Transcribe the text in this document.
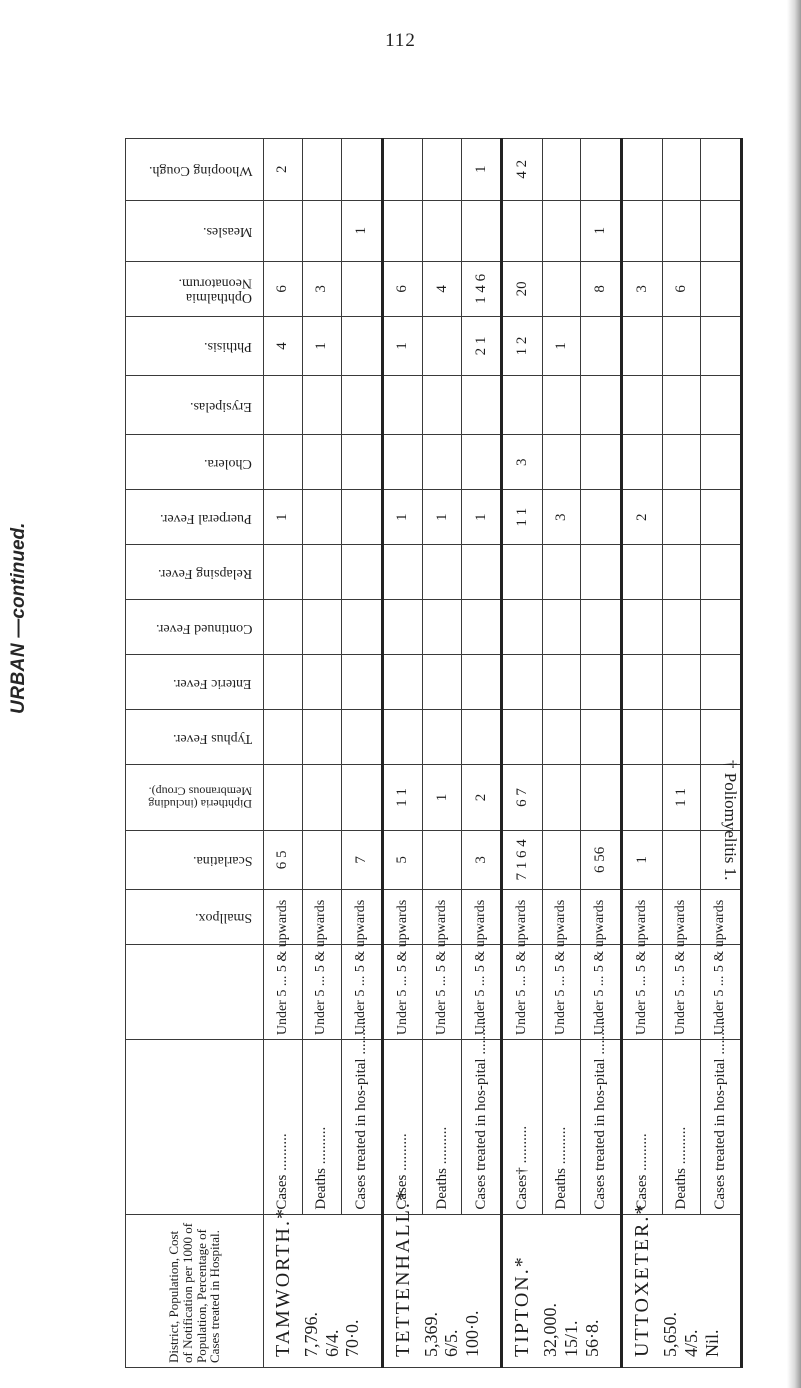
112
URBAN —continued.
District, Population, Cost of Notification per 1000 of Population, Percentage of Cases treated in Hospital.			Smallpox.	Scarlatina.	Diphtheria (including Membranous Croup).	Typhus Fever.	Enteric Fever.	Continued Fever.	Relapsing Fever.	Puerperal Fever.	Cholera.	Erysipelas.	Phthisis.	Ophthalmia Neonatorum.	Measles.	Whooping Cough.

TAMWORTH.* 7,796. 6/4. 70·0.	Cases ..........	Under 5 ... 5 & upwards		6 5						1			4	6		2
	Deaths ..........	Under 5 ... 5 & upwards											1	3		
	Cases treated in hos-pital ..........	Under 5 ... 5 & upwards		7											1	

TETTENHALL.* 5,369. 6/5. 100·0.	Cases ..........	Under 5 ... 5 & upwards		5	1 1					1			1	6		
	Deaths ..........	Under 5 ... 5 & upwards			1					1				4		
	Cases treated in hos-pital ..........	Under 5 ... 5 & upwards		3	2					1			2 1	1 4 6		1

TIPTON.* 32,000. 15/1. 56·8.	Cases† ..........	Under 5 ... 5 & upwards		7 1 6 4	6 7					1 1	3		1 2	20		4 2
	Deaths ..........	Under 5 ... 5 & upwards								3			1			
	Cases treated in hos-pital ..........	Under 5 ... 5 & upwards		6 56										8	1	

UTTOXETER.* 5,650. 4/5. Nil.	Cases ..........	Under 5 ... 5 & upwards		1						2				3		
	Deaths ..........	Under 5 ... 5 & upwards			1 1									6		
	Cases treated in hos-pital ..........	Under 5 ... 5 & upwards														
† Poliomyelitis 1.
